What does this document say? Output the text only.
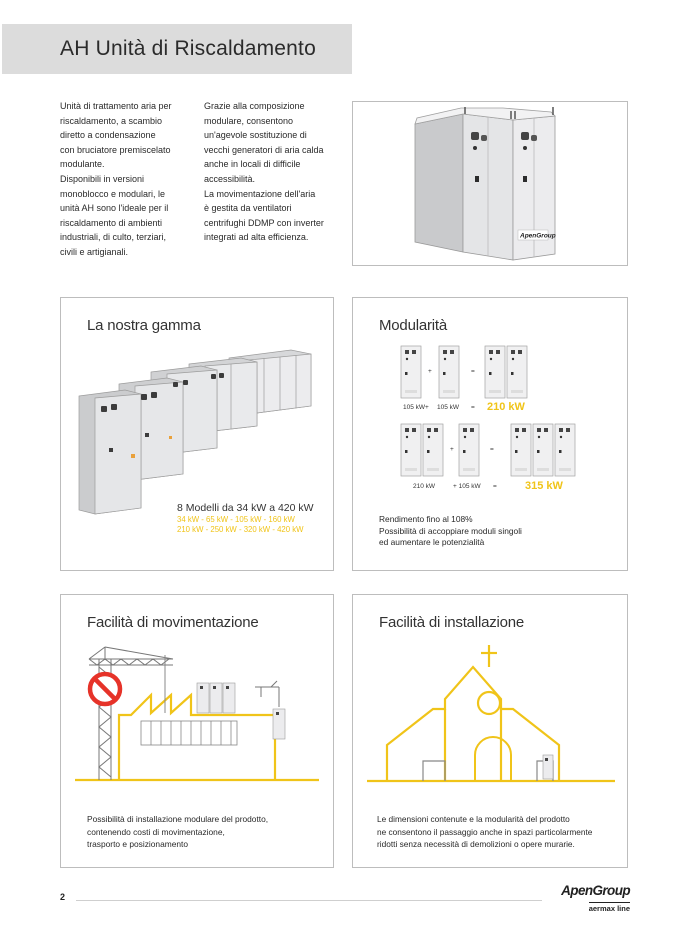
AH Unità di Riscaldamento

Unità di trattamento aria per

riscaldamento, a scambio

diretto a condensazione

con bruciatore premiscelato

modulante.

Disponibili in versioni

monoblocco e modulari, le

unità AH sono l'ideale per il

riscaldamento di ambienti

industriali, di culto, terziari,

civili e artigianali.

Grazie alla composizione

modulare, consentono

un'agevole sostituzione di

vecchi generatori di aria calda

anche in locali di difficile

accessibilità.

La movimentazione dell'aria

è gestita da ventilatori

centrifughi DDMP con inverter

integrati ad alta efficienza.	ApenGroup
La nostra gamma
8 Modelli da 34 kW a 420 kW
34 kW - 65 kW - 105 kW - 160 kW
210 kW - 250 kW - 320 kW - 420 kW
Modularità
+	=
+	=
105 kW+ 105 kW = 210 kW
210 kW	+ 105 kW =	315 kW
Rendimento fino al 108%
Possibilità di accoppiare moduli singoli
ed aumentare le potenzialità
Facilità di movimentazione
Possibilità di installazione modulare del prodotto,
contenendo costi di movimentazione,
trasporto e posizionamento
Facilità di installazione
Le dimensioni contenute e la modularità del prodotto
ne consentono il passaggio anche in spazi particolarmente
ridotti senza necessità di demolizioni o opere murarie.
2	ApenGroup
aermax line
